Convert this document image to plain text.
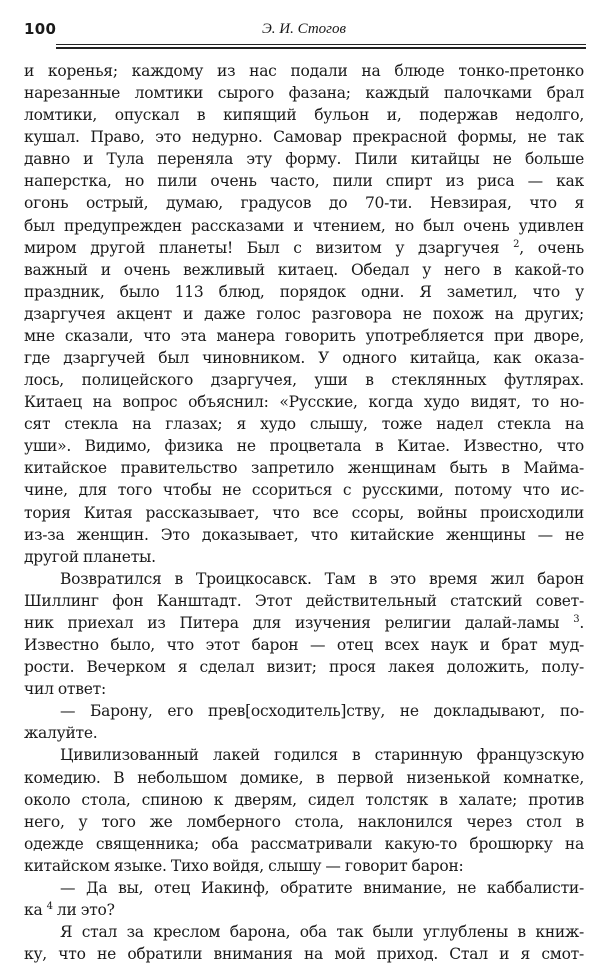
100	Э. И. Стогов
и коренья; каждому из нас подали на блюде тонко-претонко
нарезанные ломтики сырого фазана; каждый палочками брал
ломтики, опускал в кипящий бульон и, подержав недолго,
кушал. Право, это недурно. Самовар прекрасной формы, не так
давно и Тула переняла эту форму. Пили китайцы не больше
наперстка, но пили очень часто, пили спирт из риса — как
огонь острый, думаю, градусов до 70-ти. Невзирая, что я
был предупрежден рассказами и чтением, но был очень удивлен
миром другой планеты! Был с визитом у дзаргучея $^2$, очень
важный и очень вежливый китаец. Обедал у него в какой-то
праздник, было 113 блюд, порядок одни. Я заметил, что у
дзаргучея акцент и даже голос разговора не похож на других;
мне сказали, что эта манера говорить употребляется при дворе,
где дзаргучей был чиновником. У одного китайца, как оказа-
лось, полицейского дзаргучея, уши в стеклянных футлярах.
Китаец на вопрос объяснил: «Русские, когда худо видят, то но-
сят стекла на глазах; я худо слышу, тоже надел стекла на
уши». Видимо, физика не процветала в Китае. Известно, что
китайское правительство запретило женщинам быть в Маймa-
чине, для того чтобы не ссориться с русскими, потому что ис-
тория Китая рассказывает, что все ссоры, войны происходили
из-за женщин. Это доказывает, что китайские женщины — не
другой планеты.
Возвратился в Троицкосавск. Там в это время жил барон
Шиллинг фон Канштадт. Этот действительный статский совет-
ник приехал из Питера для изучения религии далай-ламы $^3$.
Известно было, что этот барон — отец всех наук и брат муд-
рости. Вечерком я сделал визит; прося лакея доложить, полу-
чил ответ:
— Барону, его прев[осходитель]ству, не докладывают, по-
жалуйте.
Цивилизованный лакей годился в старинную французскую
комедию. В небольшом домике, в первой низенькой комнатке,
около стола, спиною к дверям, сидел толстяк в халате; против
него, у того же ломберного стола, наклонился через стол в
одежде священника; оба рассматривали какую-то брошюрку на
китайском языке. Тихо войдя, слышу — говорит барон:
— Да вы, отец Иакинф, обратите внимание, не каббалисти-
ка $^4$ ли это?
Я стал за креслом барона, оба так были углублены в книж-
ку, что не обратили внимания на мой приход. Стал и я смот-
